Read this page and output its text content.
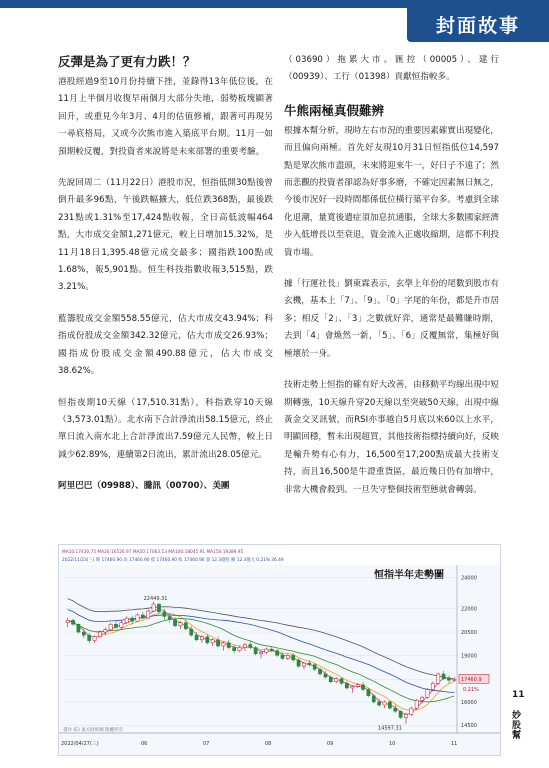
封面故事
反彈是為了更有力跌！？

港股經過9至10月份持續下挫，並錄得13年低位後，在11月上半個月收復早兩個月大部分失地，弱勢板塊顯著回升，或重見今年3月、4月的估值修補，跟著可再現另一尋底格局，又或今次熊市進入築底平台期。11月一如預期較反覆，對投資者來說將是未來部署的重要考驗。

先說回周二（11月22日）港股市況，恒指低開30點後曾倒升最多96點，午後跌幅擴大，低位跌368點，最後跌231點或1.31%至17,424點收報，全日高低波幅464點，大市成交金額1,271億元，較上日增加15.32%，是11月18日1,395.48億元成交最多；國指跌100點或1.68%，報5,901點。恒生科技指數收報3,515點，跌3.21%。

藍籌股成交金額558.55億元，佔大市成交43.94%；科指成份股成交金額342.32億元，佔大市成交26.93%；國指成份股成交金額490.88億元，佔大市成交38.62%。

恒指夜期10天線（17,510.31點），科指跌穿10天線（3,573.01點）。北水南下合計淨流出58.15億元，終止單日流入南水北上合計淨流出7.59億元人民幣，較上日減少62.89%，連續第2日流出，累計流出28.05億元。

阿里巴巴（09988）、騰訊（00700）、美團

（03690）拖累大市。匯控（00005）、建行（00939）、工行（01398）貢獻恒指較多。

牛熊兩極真假難辨

根據本幫分析，現時左右市況的重要因素確實出現變化，而且偏向兩極。首先好友現10月31日恒指低位14,597點是眾次熊市盡頭，未來將迎來牛一，好日子不遠了；然而悲觀的投資者卻認為好事多磨，不確定因素無日無之，今後市況好一段時間都係低位橫行築平台多。考慮到全球化退潮，量寬後遺症須加息抗通脹，全球大多數國家經濟步入低增長以至衰退，資金流入正處收縮期，這都不利投資市場。

據「行運社長」劉東霖表示，玄學上年份的尾數到股市有玄機，基本上「7」、「9」、「0」字尾的年份，都是升市居多；相反「2」、「3」之數就好弈，通常是最難賺時期，去到「4」會煥然一新，「5」、「6」反覆無常，集極好與極壞於一身。

技術走勢上恒指的確有好大改善，由移動平均線出現中短期轉強，10天線升穿20天線以至突破50天線，出現中線黃金交叉訊號，而RSI亦事越自5月底以來60以上水平，明顯回穩，暫未出現超買，其他技術指標持續向好，反映是輸升勢有心有力，16,500至17,200點成最大技術支持，而且16,500是牛證重貨區，最近幾日仍有加增中，非常大機會殺到。一旦失守整個技術型態就會轉弱。

MA10:17430.75 MA20:16526.97 MA50:17063.13 MA100:18045.91 MA150:19389.95
2022/11/23(三) 開 17460.90 高 17460.90 低 17460.90 收 17460.90 量 12.3億股 額 12.3億元 0.21% 36.49
恒指半年走勢圖	24000
22000
20500
19000
17460.9
0.21%
16000
14500
2022/04/27(三)	06	07	08	09	10	11
22449.31
14597.31
畫作 (E) 東方財經網 版權所有
11
妙股幫
